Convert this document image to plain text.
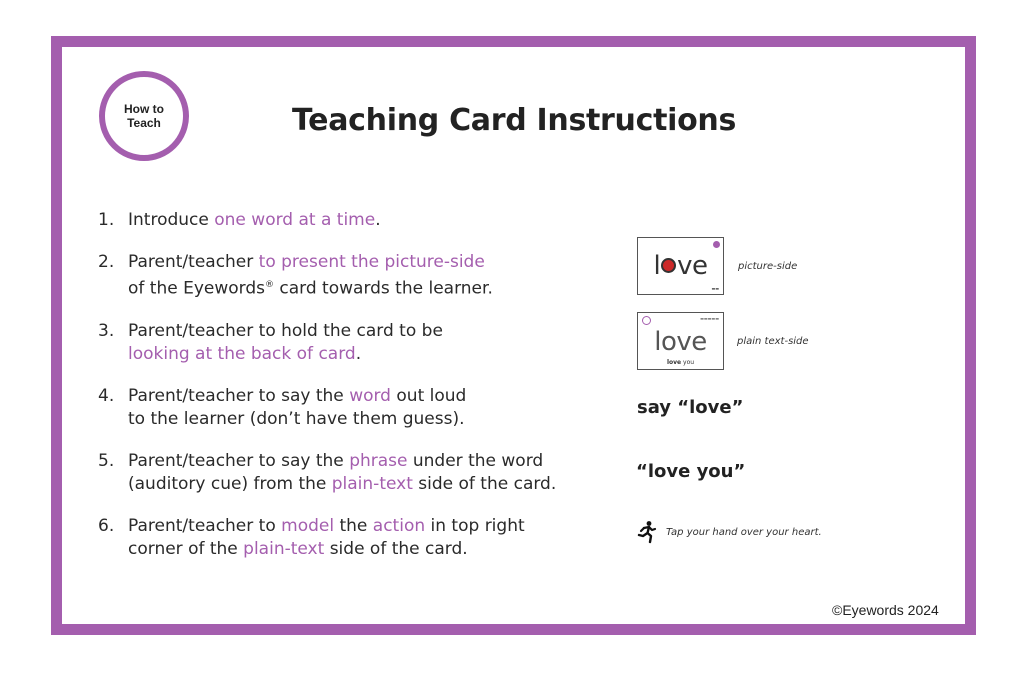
How to
Teach	Teaching Card Instructions
1. Introduce one word at a time.
2. Parent/teacher to present the picture-side
of the Eyewords® card towards the learner.
3. Parent/teacher to hold the card to be
looking at the back of card.
4. Parent/teacher to say the word out loud
to the learner (don’t have them guess).
5. Parent/teacher to say the phrase under the word
(auditory cue) from the plain-text side of the card.
6. Parent/teacher to model the action in top right
corner of the plain-text side of the card.
l ve
▬▬
picture-side
▬▬▬▬▬
love
love you
plain text-side
say “love”
“love you”
Tap your hand over your heart.
©Eyewords 2024
